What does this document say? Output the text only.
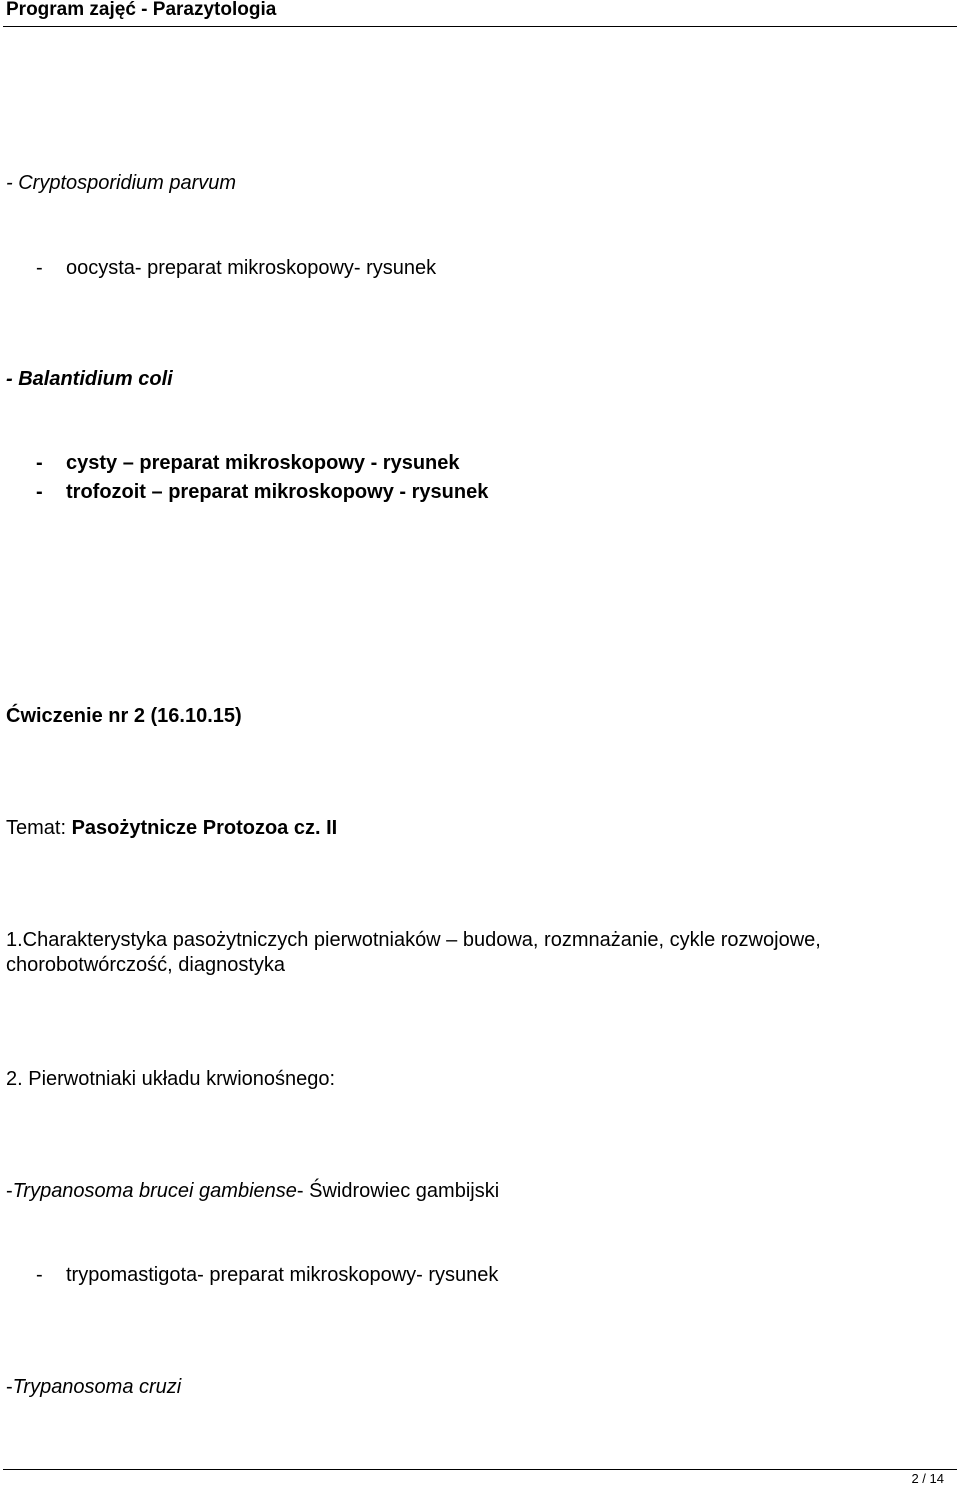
Program zajęć - Parazytologia
- Cryptosporidium parvum
-	oocysta- preparat mikroskopowy- rysunek
- Balantidium coli
-	cysty – preparat mikroskopowy - rysunek
-	trofozoit – preparat mikroskopowy - rysunek
Ćwiczenie nr 2 (16.10.15)
Temat: Pasożytnicze Protozoa cz. II
1.Charakterystyka pasożytniczych pierwotniaków – budowa, rozmnażanie, cykle rozwojowe, chorobotwórczość, diagnostyka
2. Pierwotniaki układu krwionośnego:
-Trypanosoma brucei gambiense- Świdrowiec gambijski
-	trypomastigota- preparat mikroskopowy- rysunek
-Trypanosoma cruzi
2 / 14
